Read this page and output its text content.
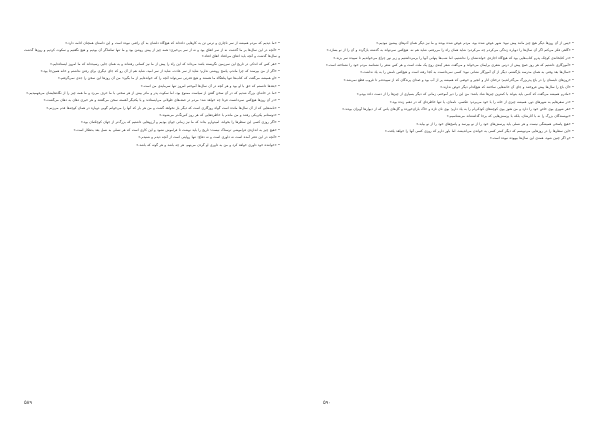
• «ما دیدیم که مردم همیشه از سر ناچاری و ترس تن به کارهایی داده‌اند که هیچ‌گاه دلشان به آن راضی نبوده است و این داستان همچنان ادامه دارد.»

• «آنچه در این سال‌ها بر ما گذشت نه از سر اتفاق بود و نه از سر بی‌خبری؛ همه چیز از پیش روشن بود و ما تنها تماشاگر آن بودیم و هیچ نگفتیم و سکوت کردیم و روزها گذشت و سال‌ها گذشت و آنچه باید اتفاق می‌افتاد اتفاق افتاد.»

• «هر کس که اندکی در تاریخ این سرزمین نگریسته باشد می‌داند که این راه را پیش از ما نیز کسانی رفته‌اند و به همان جایی رسیده‌اند که ما امروز ایستاده‌ایم.»

• «اگر از من بپرسند که چرا ماندم، پاسخ روشنی ندارم؛ شاید از سر عادت، شاید از سر امید، شاید هم از آن رو که جای دیگری برای رفتن نداشتم و خانه همین‌جا بود.»

• «او همیشه می‌گفت که کتاب‌ها تنها پناهگاه ما هستند و هیچ قدرتی نمی‌تواند آنچه را که خوانده‌ایم از ما بگیرد؛ من آن روزها این سخن را جدی نمی‌گرفتم.»

• «بعدها دانستم که حق با او بود و هر آنچه در آن سال‌ها آموختم امروز تنها سرمایه‌ی من است.»

• «ما در خانه‌ای بزرگ شدیم که در آن سخن گفتن از سیاست ممنوع بود، اما سکوت پدر و مادر بیش از هر سخنی با ما حرف می‌زد و ما همه چیز را از نگاه‌هایشان می‌فهمیدیم.»

• «در آن روزها هیچ‌کس نمی‌دانست فردا چه خواهد شد؛ مردم در صف‌های طولانی می‌ایستادند و با یکدیگر آهسته سخن می‌گفتند و هر خبری دهان به دهان می‌گشت.»

• «نامه‌هایی که از آن سال‌ها مانده است گواه روزگاری است که دیگر باز نخواهد گشت و من هر بار که آنها را می‌خوانم گویی دوباره در همان کوچه‌ها قدم می‌زنم.»

• «دوستانم یکی‌یکی رفتند و من ماندم با خاطره‌هایی که هر روز کم‌رنگ‌تر می‌شوند.»

• «اگر روزی کسی این سطرها را بخواند، امیدوارم بداند که ما نیز زمانی جوان بودیم و آرزوهایی داشتیم که بزرگ‌تر از جهان کوچکمان بود.»

• «هیچ چیز به اندازه‌ی فراموشی ترسناک نیست؛ تاریخ را باید نوشت تا فراموش نشود و این کاری است که هر نسلی به نسل بعد بدهکار است.»

• «آنچه در این دفتر آمده است نه داوری است و نه دفاع؛ تنها روایتی است از آنچه دیدم و شنیدم.»

• «خواننده خود داوری خواهد کرد و من به داوری او گردن می‌نهم، هر چه باشد و هر گونه که باشد.»

• «پس از آن روزها دیگر هیچ چیز مانند پیش نبود؛ شهر عوض شده بود، مردم عوض شده بودند و ما نیز دیگر همان آدم‌های پیشین نبودیم.»

• «گاهی فکر می‌کنم اگر آن سال‌ها را دوباره زندگی می‌کردم چه می‌کردم؛ شاید همان راه را می‌رفتم، شاید هم نه. هیچ‌کس نمی‌تواند به گذشته بازگردد و آن را از نو بسازد.»

• «در کتابخانه‌ی کوچک پدرم کتاب‌هایی بود که هیچ‌گاه اجازه‌ی خواندنشان را نداشتیم، اما شب‌ها پنهانی آنها را برمی‌داشتیم و زیر نور چراغ می‌خواندیم تا سپیده سر بزند.»

• «آموزگاری داشتیم که هر روز صبح پیش از درس شعری برایمان می‌خواند و می‌گفت شعر آینه‌ی روح یک ملت است و هر کس شعر را نشناسد مردم خود را نشناخته است.»

• «سال‌ها بعد وقتی به همان مدرسه بازگشتم، دیگر از آن آموزگار نشانی نبود؛ کسی نمی‌دانست به کجا رفته است و هیچ‌کس نامش را به یاد نداشت.»

• «روزهای تابستان را در باغ پدربزرگ می‌گذراندیم؛ درختان انار و انجیر و حوضی که همیشه پر از آب بود و صدای پرندگان که از سپیده‌دم تا غروب قطع نمی‌شد.»

• «آن باغ را سال‌ها پیش فروختند و جای آن خانه‌هایی ساختند که هیچ‌کدام دیگر حوض ندارند.»

• «مادرم همیشه می‌گفت که آدمی باید بتواند با کمترین چیزها شاد باشد؛ من این را دیر آموختم، زمانی که دیگر بسیاری از چیزها را از دست داده بودم.»

• «در سفرهایم به شهرهای دور، همیشه چیزی از خانه را با خود می‌بردم: عکسی، نامه‌ای، یا تنها خاطره‌ای که در ذهنم زنده بود.»

• «هر شهری بوی خاص خود را دارد و من هنوز بوی کوچه‌های کودکی‌ام را به یاد دارم؛ بوی نان تازه و خاک باران‌خورده و گل‌های یاس که از دیوارها آویزان بودند.»

• «نویسندگان بزرگ را نه با آثارشان، بلکه با پرسش‌هایی که برجا گذاشته‌اند می‌شناسیم.»

• «هیچ پاسخی همیشگی نیست و هر نسلی باید پرسش‌های خود را از نو بپرسد و پاسخ‌های خود را از نو بیابد.»

• «این سطرها را در روزهایی می‌نویسم که دیگر کمتر کسی به خواندن می‌اندیشد، اما باور دارم که روزی کسی آنها را خواهد یافت.»

• «و اگر چنین شود، همه‌ی این سال‌ها بیهوده نبوده است.»

۵۸۹	۵۹۰
